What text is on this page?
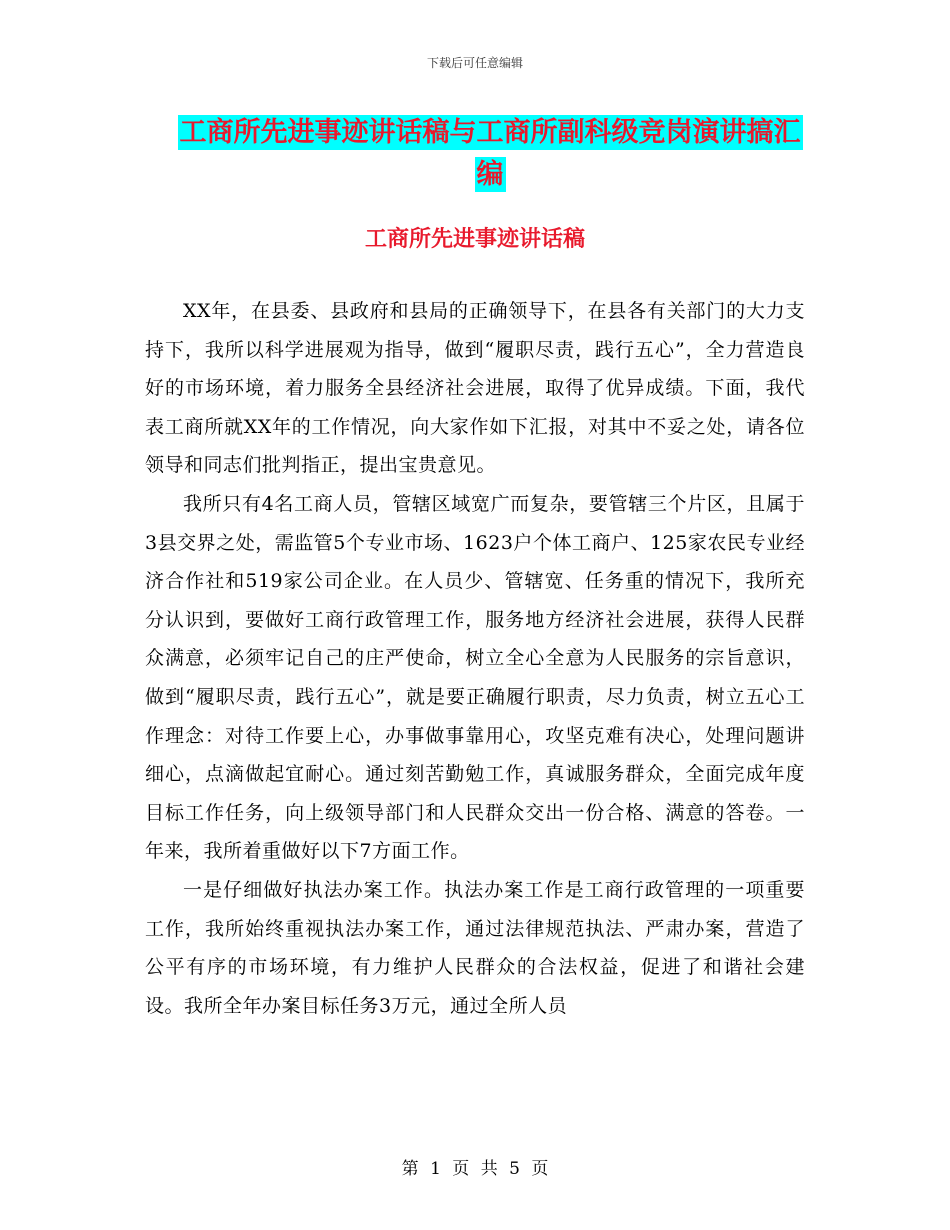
下载后可任意编辑
工商所先进事迹讲话稿与工商所副科级竞岗演讲搞汇
编
工商所先进事迹讲话稿

XX年，在县委、县政府和县局的正确领导下，在县各有关部门的大力支持下，我所以科学进展观为指导，做到“履职尽责，践行五心”，全力营造良好的市场环境，着力服务全县经济社会进展，取得了优异成绩。下面，我代表工商所就XX年的工作情况，向大家作如下汇报，对其中不妥之处，请各位领导和同志们批判指正，提出宝贵意见。

我所只有4名工商人员，管辖区域宽广而复杂，要管辖三个片区，且属于3县交界之处，需监管5个专业市场、1623户个体工商户、125家农民专业经济合作社和519家公司企业。在人员少、管辖宽、任务重的情况下，我所充分认识到，要做好工商行政管理工作，服务地方经济社会进展，获得人民群众满意，必须牢记自己的庄严使命，树立全心全意为人民服务的宗旨意识，做到“履职尽责，践行五心”，就是要正确履行职责，尽力负责，树立五心工作理念：对待工作要上心，办事做事靠用心，攻坚克难有决心，处理问题讲细心，点滴做起宜耐心。通过刻苦勤勉工作，真诚服务群众，全面完成年度目标工作任务，向上级领导部门和人民群众交出一份合格、满意的答卷。一年来，我所着重做好以下7方面工作。

一是仔细做好执法办案工作。执法办案工作是工商行政管理的一项重要工作，我所始终重视执法办案工作，通过法律规范执法、严肃办案，营造了公平有序的市场环境，有力维护人民群众的合法权益，促进了和谐社会建设。我所全年办案目标任务3万元，通过全所人员

第 1 页 共 5 页
